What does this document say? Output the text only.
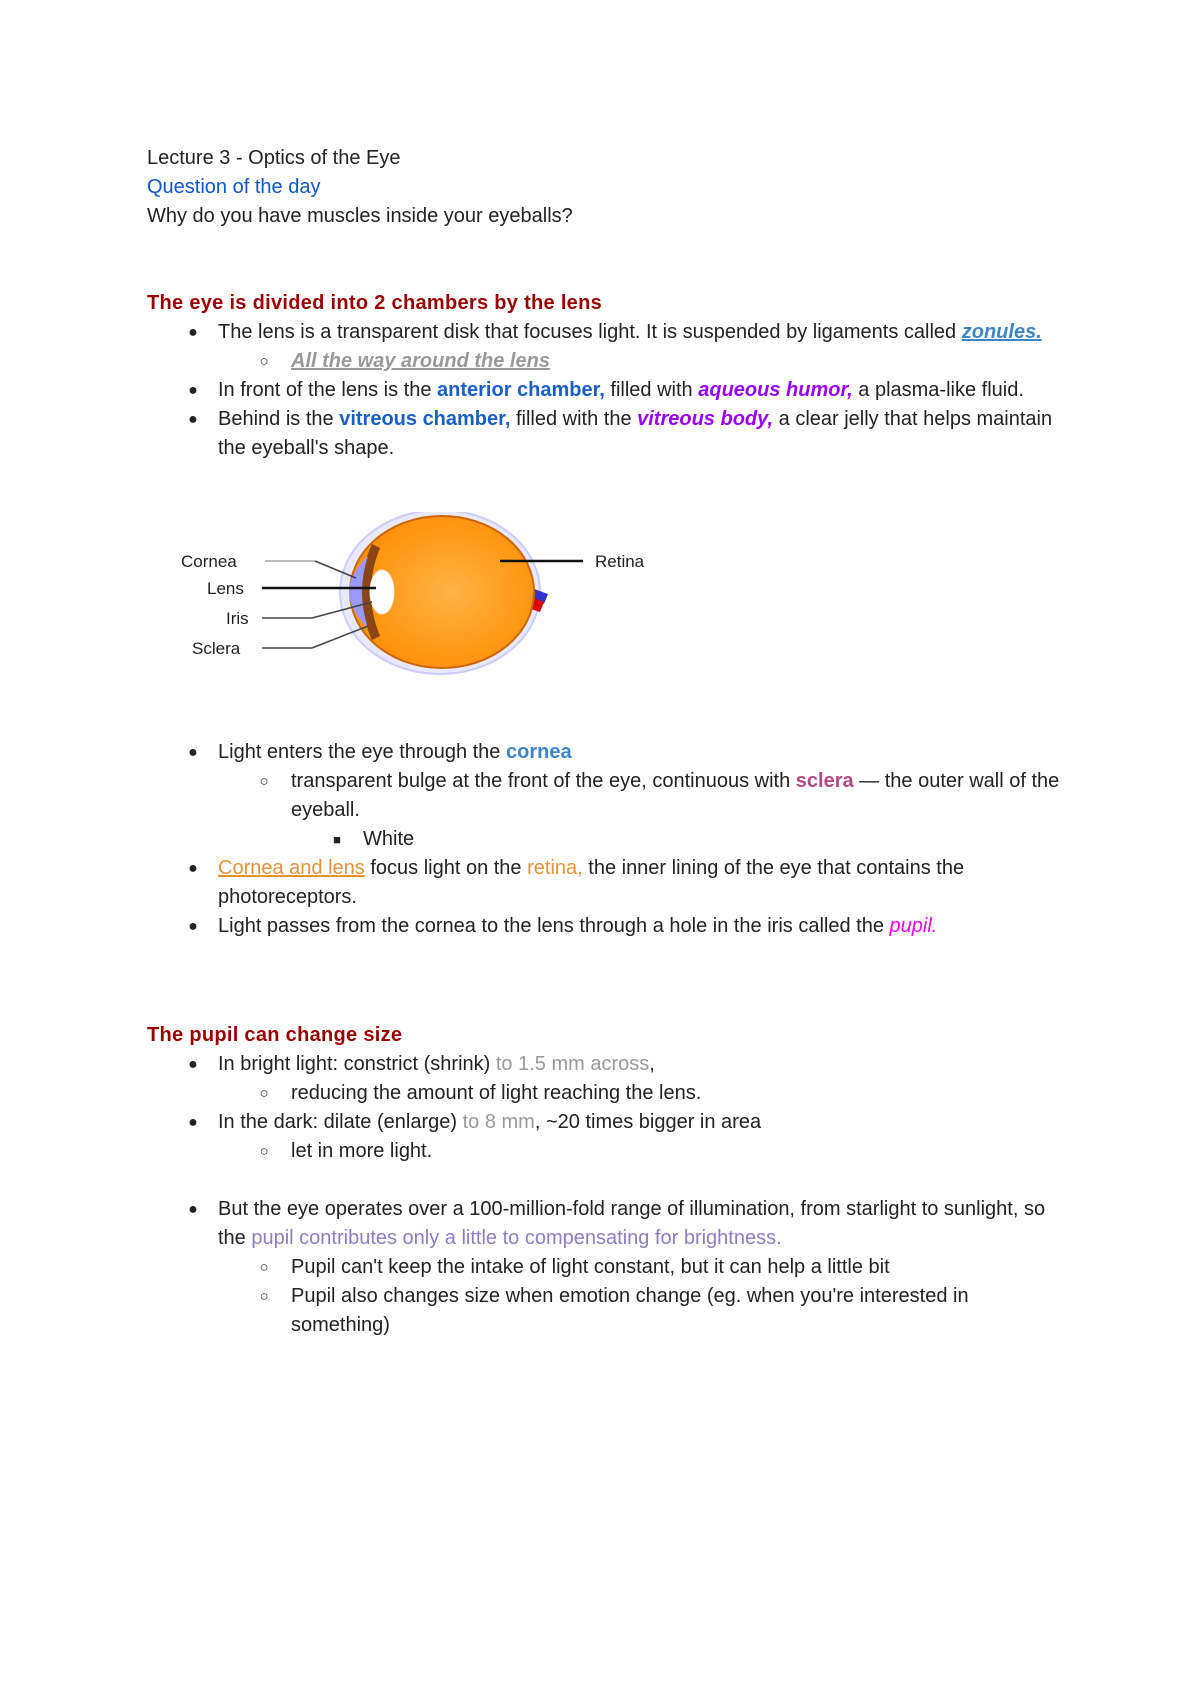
Lecture 3 - Optics of the Eye

Question of the day

Why do you have muscles inside your eyeballs?

The eye is divided into 2 chambers by the lens

●	The lens is a transparent disk that focuses light. It is suspended by ligaments called zonules.
○	All the way around the lens
●	In front of the lens is the anterior chamber, filled with aqueous humor, a plasma-like fluid.
●	Behind is the vitreous chamber, filled with the vitreous body, a clear jelly that helps maintain the eyeball's shape.
Cornea
Lens
Iris
Sclera
Retina
●	Light enters the eye through the cornea
○	transparent bulge at the front of the eye, continuous with sclera — the outer wall of the eyeball.
■	White
●	Cornea and lens focus light on the retina, the inner lining of the eye that contains the photoreceptors.
●	Light passes from the cornea to the lens through a hole in the iris called the pupil.

The pupil can change size

●	In bright light: constrict (shrink) to 1.5 mm across,
○	reducing the amount of light reaching the lens.
●	In the dark: dilate (enlarge) to 8 mm, ~20 times bigger in area
○	let in more light.
●	But the eye operates over a 100-million-fold range of illumination, from starlight to sunlight, so the pupil contributes only a little to compensating for brightness.
○	Pupil can't keep the intake of light constant, but it can help a little bit
○	Pupil also changes size when emotion change (eg. when you're interested in something)
